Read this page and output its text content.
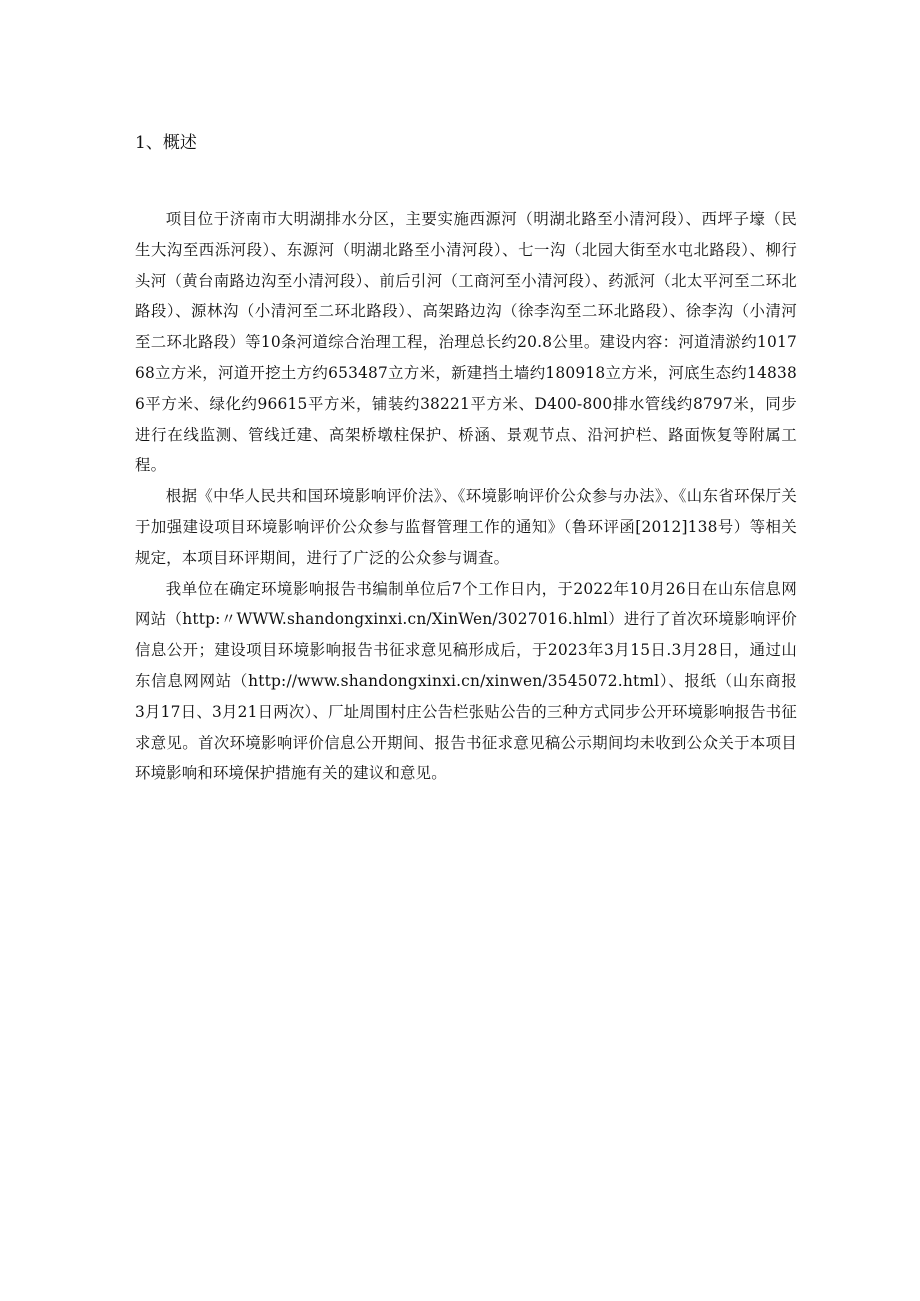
1、概述

项目位于济南市大明湖排水分区，主要实施西源河（明湖北路至小清河段）、西坪子壕（民生大沟至西泺河段）、东源河（明湖北路至小清河段）、七一沟（北园大街至水屯北路段）、柳行头河（黄台南路边沟至小清河段）、前后引河（工商河至小清河段）、药派河（北太平河至二环北路段）、源林沟（小清河至二环北路段）、高架路边沟（徐李沟至二环北路段）、徐李沟（小清河至二环北路段）等10条河道综合治理工程，治理总长约20.8公里。建设内容：河道清淤约101768立方米，河道开挖土方约653487立方米，新建挡土墙约180918立方米，河底生态约148386平方米、绿化约96615平方米，铺装约38221平方米、D400-800排水管线约8797米，同步进行在线监测、管线迁建、高架桥墩柱保护、桥涵、景观节点、沿河护栏、路面恢复等附属工程。

根据《中华人民共和国环境影响评价法》、《环境影响评价公众参与办法》、《山东省环保厅关于加强建设项目环境影响评价公众参与监督管理工作的通知》（鲁环评函[2012]138号）等相关规定，本项目环评期间，进行了广泛的公众参与调查。

我单位在确定环境影响报告书编制单位后7个工作日内，于2022年10月26日在山东信息网网站（http:〃WWW.shandongxinxi.cn/XinWen/3027016.hlml）进行了首次环境影响评价信息公开；建设项目环境影响报告书征求意见稿形成后，于2023年3月15日.3月28日，通过山东信息网网站（http://www.shandongxinxi.cn/xinwen/3545072.html）、报纸（山东商报3月17日、3月21日两次）、厂址周围村庄公告栏张贴公告的三种方式同步公开环境影响报告书征求意见。首次环境影响评价信息公开期间、报告书征求意见稿公示期间均未收到公众关于本项目环境影响和环境保护措施有关的建议和意见。
